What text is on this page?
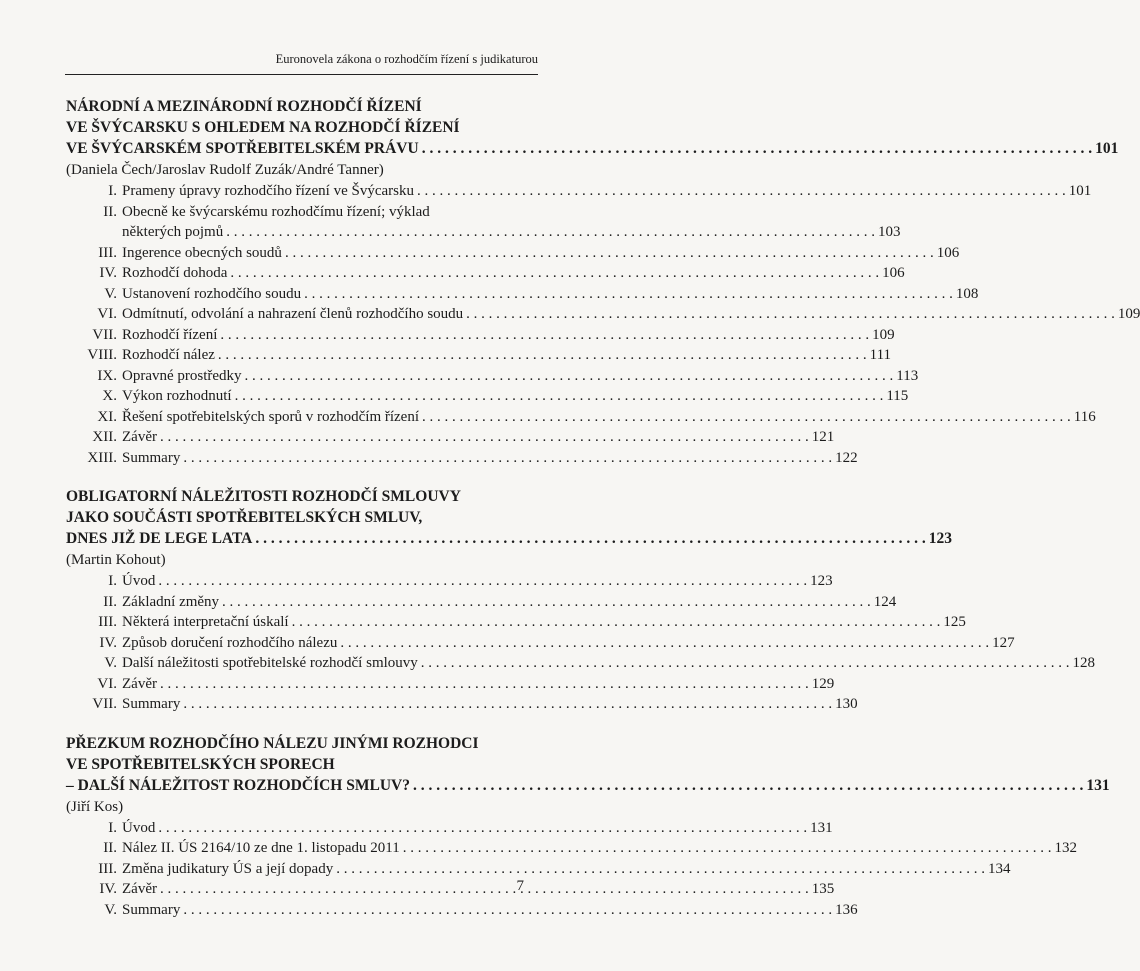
Euronovela zákona o rozhodčím řízení s judikaturou
NÁRODNÍ A MEZINÁRODNÍ ROZHODČÍ ŘÍZENÍ
VE ŠVÝCARSKU S OHLEDEM NA ROZHODČÍ ŘÍZENÍ
VE ŠVÝCARSKÉM SPOTŘEBITELSKÉM PRÁVU . . .	101
(Daniela Čech/Jaroslav Rudolf Zuzák/André Tanner)
I. Prameny úpravy rozhodčího řízení ve Švýcarsku . . .	101
II. Obecně ke švýcarskému rozhodčímu řízení; výklad
některých pojmů . . .	103
III. Ingerence obecných soudů . . .	106
IV. Rozhodčí dohoda . . .	106
V. Ustanovení rozhodčího soudu . . .	108
VI. Odmítnutí, odvolání a nahrazení členů rozhodčího soudu . . .	109
VII. Rozhodčí řízení . . .	109
VIII. Rozhodčí nález . . .	111
IX. Opravné prostředky . . .	113
X. Výkon rozhodnutí . . .	115
XI. Řešení spotřebitelských sporů v rozhodčím řízení . . .	116
XII. Závěr . . .	121
XIII. Summary . . .	122
OBLIGATORNÍ NÁLEŽITOSTI ROZHODČÍ SMLOUVY
JAKO SOUČÁSTI SPOTŘEBITELSKÝCH SMLUV,
DNES JIŽ DE LEGE LATA . . .	123
(Martin Kohout)
I. Úvod . . .	123
II. Základní změny . . .	124
III. Některá interpretační úskalí . . .	125
IV. Způsob doručení rozhodčího nálezu . . .	127
V. Další náležitosti spotřebitelské rozhodčí smlouvy . . .	128
VI. Závěr . . .	129
VII. Summary . . .	130
PŘEZKUM ROZHODČÍHO NÁLEZU JINÝMI ROZHODCI
VE SPOTŘEBITELSKÝCH SPORECH
– DALŠÍ NÁLEŽITOST ROZHODČÍCH SMLUV? . . .	131
(Jiří Kos)
I. Úvod . . .	131
II. Nález II. ÚS 2164/10 ze dne 1. listopadu 2011 . . .	132
III. Změna judikatury ÚS a její dopady . . .	134
IV. Závěr . . .	135
V. Summary . . .	136
7
